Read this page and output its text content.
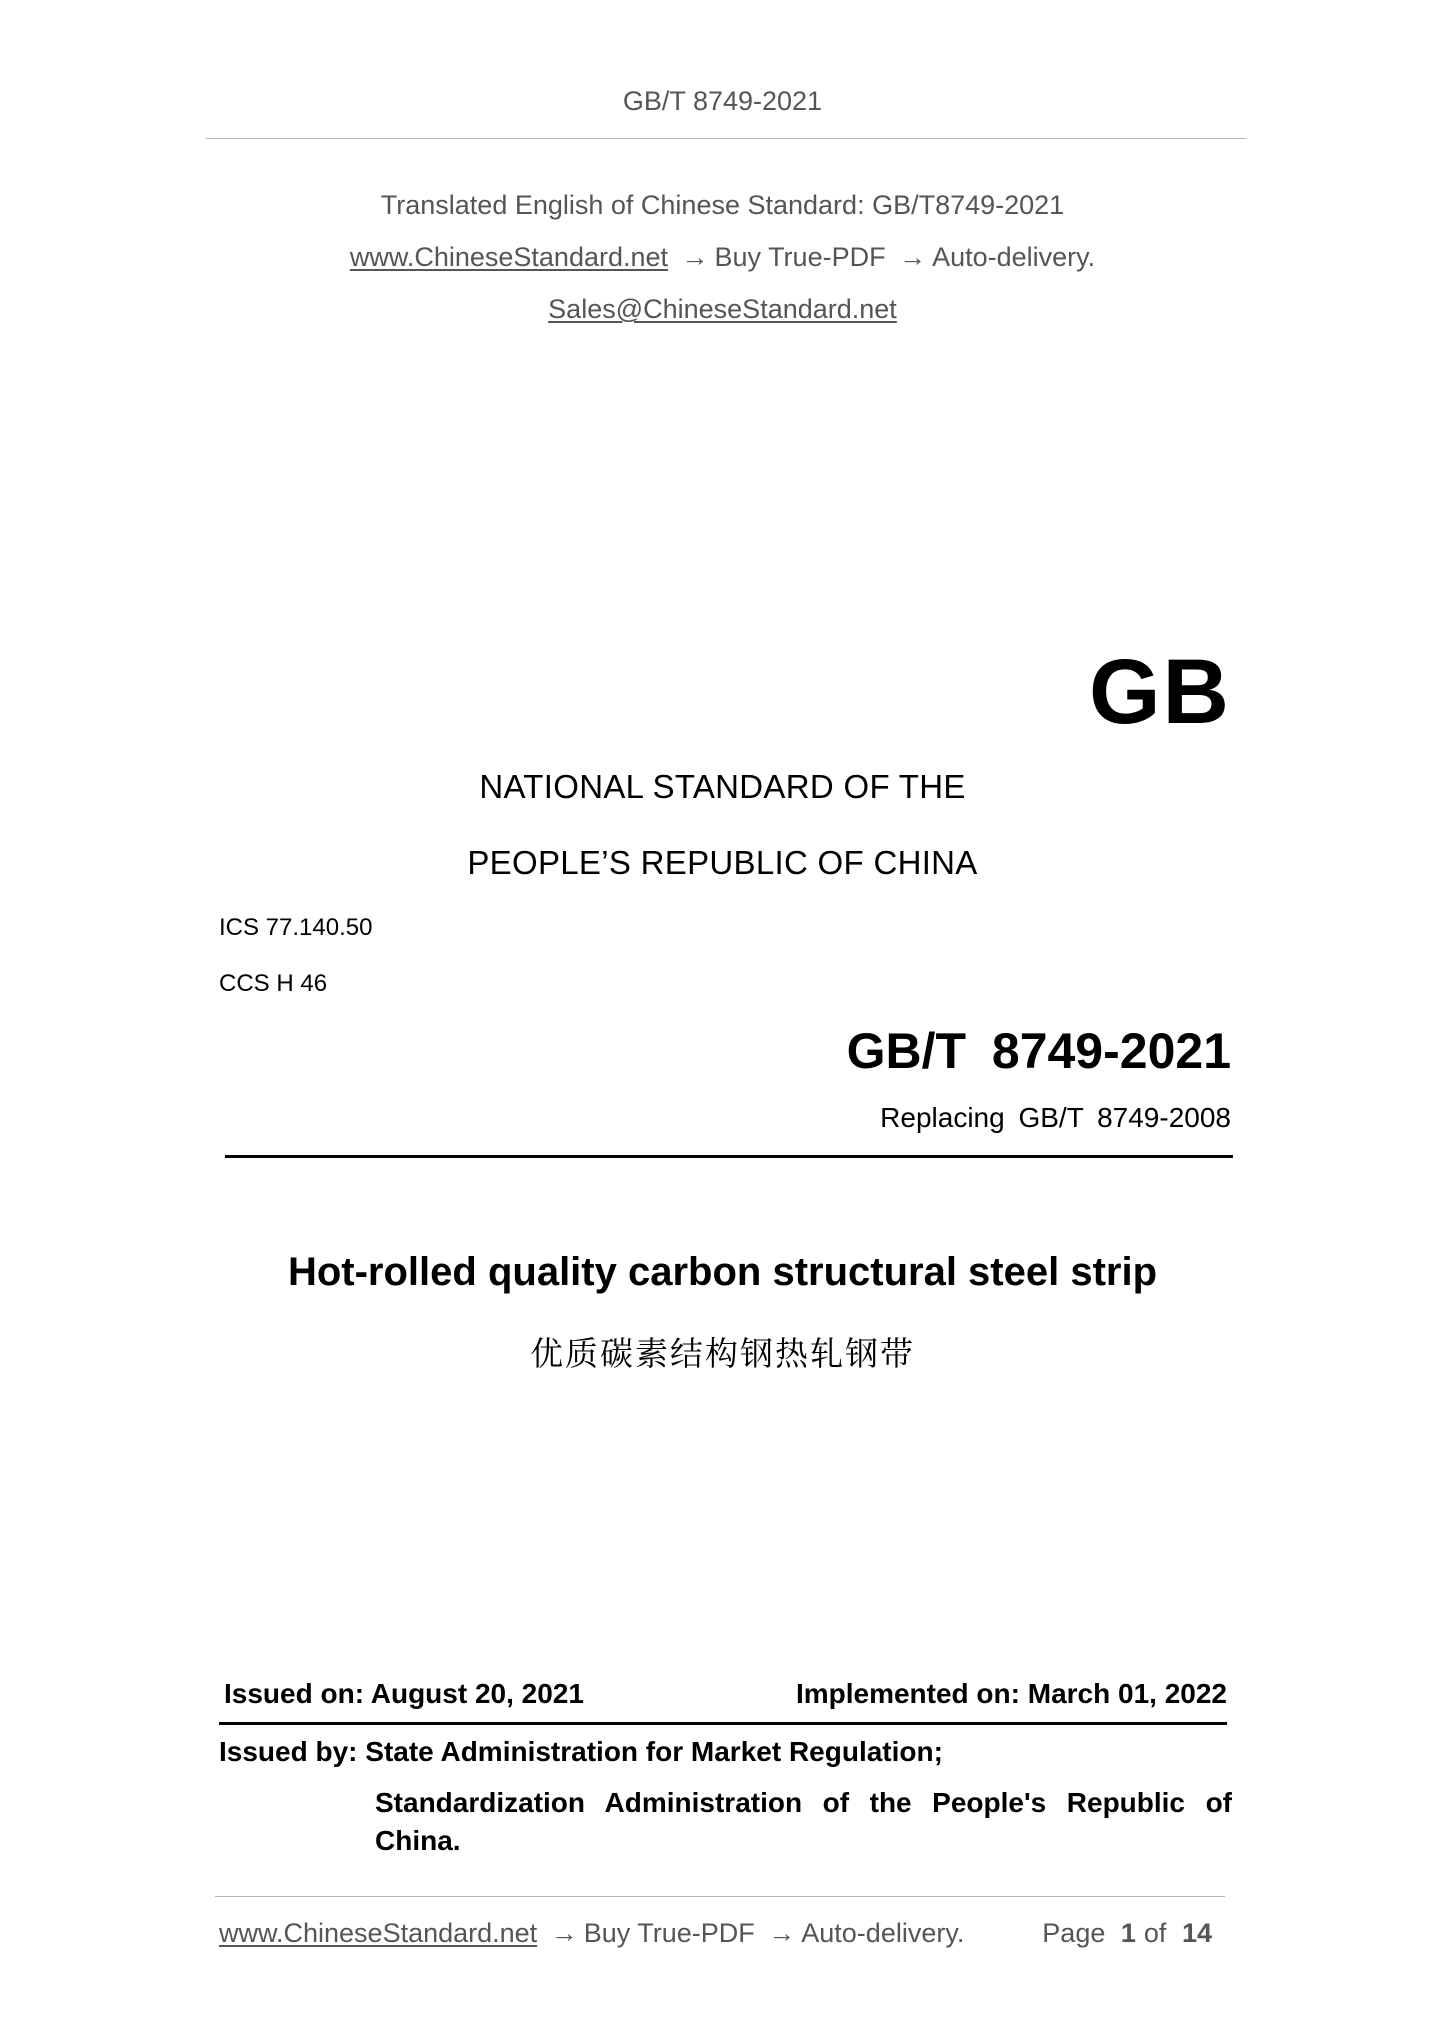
GB/T 8749-2021
Translated English of Chinese Standard: GB/T8749-2021
www.ChineseStandard.net → Buy True-PDF → Auto-delivery.
Sales@ChineseStandard.net
GB
NATIONAL STANDARD OF THE
PEOPLE’S REPUBLIC OF CHINA
ICS 77.140.50
CCS H 46
GB/T 8749-2021
Replacing GB/T 8749-2008
Hot-rolled quality carbon structural steel strip
优质碳素结构钢热轧钢带
Issued on: August 20, 2021	Implemented on: March 01, 2022
Issued by: State Administration for Market Regulation;
Standardization Administration of the People's Republic of China.
www.ChineseStandard.net → Buy True-PDF → Auto-delivery.	Page 1 of 14
